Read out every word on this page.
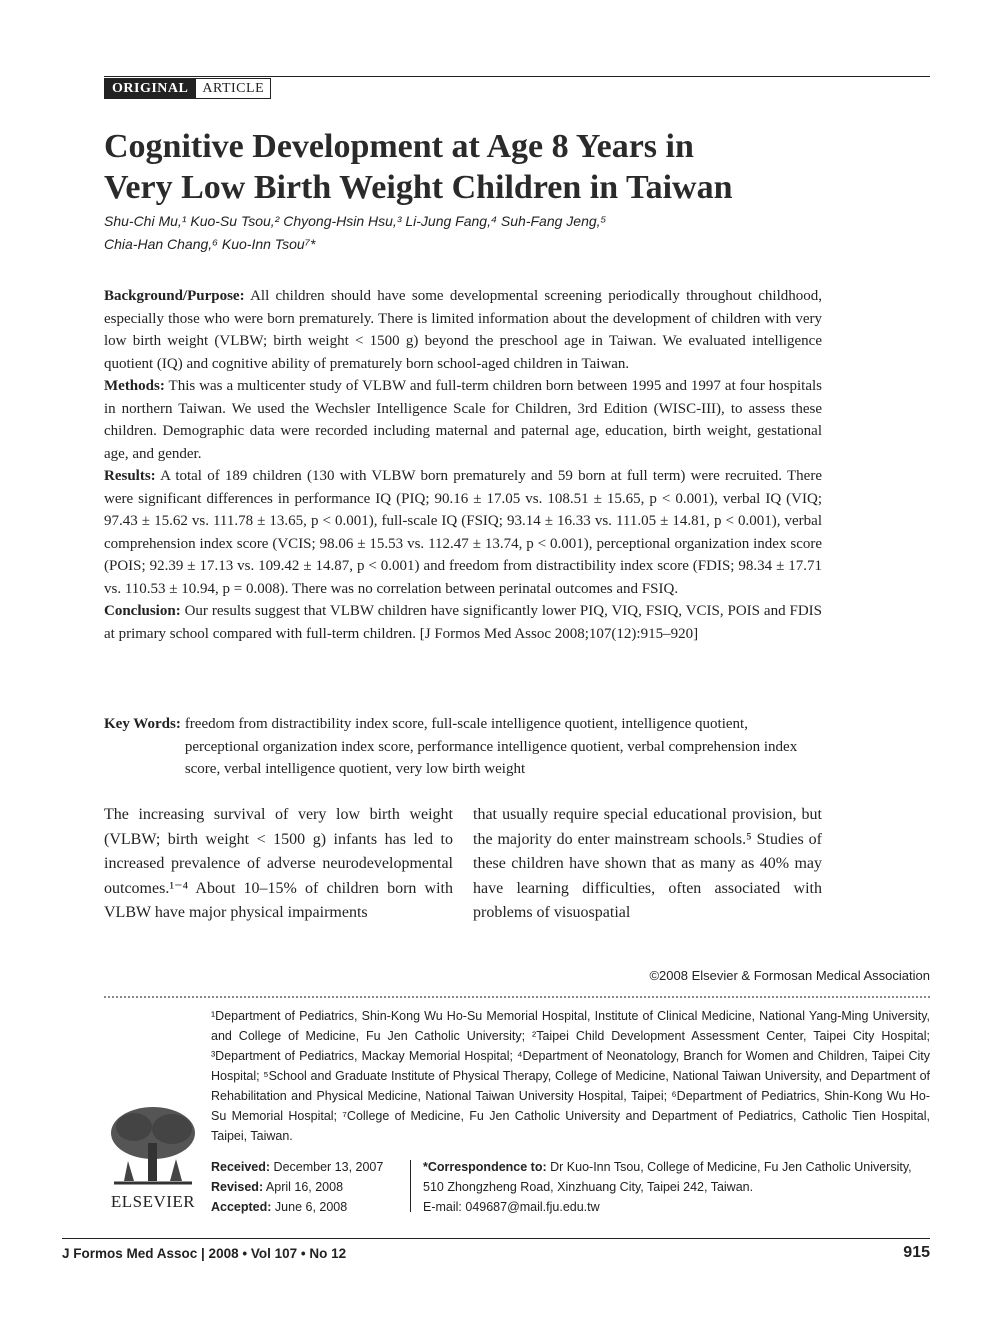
ORIGINAL	ARTICLE
Cognitive Development at Age 8 Years in
Very Low Birth Weight Children in Taiwan
Shu-Chi Mu,¹ Kuo-Su Tsou,² Chyong-Hsin Hsu,³ Li-Jung Fang,⁴ Suh-Fang Jeng,⁵
Chia-Han Chang,⁶ Kuo-Inn Tsou⁷*

Background/Purpose: All children should have some developmental screening periodically throughout childhood, especially those who were born prematurely. There is limited information about the development of children with very low birth weight (VLBW; birth weight < 1500 g) beyond the preschool age in Taiwan. We evaluated intelligence quotient (IQ) and cognitive ability of prematurely born school-aged children in Taiwan.

Methods: This was a multicenter study of VLBW and full-term children born between 1995 and 1997 at four hospitals in northern Taiwan. We used the Wechsler Intelligence Scale for Children, 3rd Edition (WISC-III), to assess these children. Demographic data were recorded including maternal and paternal age, education, birth weight, gestational age, and gender.

Results: A total of 189 children (130 with VLBW born prematurely and 59 born at full term) were recruited. There were significant differences in performance IQ (PIQ; 90.16 ± 17.05 vs. 108.51 ± 15.65, p < 0.001), verbal IQ (VIQ; 97.43 ± 15.62 vs. 111.78 ± 13.65, p < 0.001), full-scale IQ (FSIQ; 93.14 ± 16.33 vs. 111.05 ± 14.81, p < 0.001), verbal comprehension index score (VCIS; 98.06 ± 15.53 vs. 112.47 ± 13.74, p < 0.001), perceptional organization index score (POIS; 92.39 ± 17.13 vs. 109.42 ± 14.87, p < 0.001) and freedom from distractibility index score (FDIS; 98.34 ± 17.71 vs. 110.53 ± 10.94, p = 0.008). There was no correlation between perinatal outcomes and FSIQ.

Conclusion: Our results suggest that VLBW children have significantly lower PIQ, VIQ, FSIQ, VCIS, POIS and FDIS at primary school compared with full-term children. [J Formos Med Assoc 2008;107(12):915–920]

Key Words: freedom from distractibility index score, full-scale intelligence quotient, intelligence quotient, perceptional organization index score, performance intelligence quotient, verbal comprehension index score, verbal intelligence quotient, very low birth weight
The increasing survival of very low birth weight (VLBW; birth weight < 1500 g) infants has led to increased prevalence of adverse neurodevelopmental outcomes.¹⁻⁴ About 10–15% of children born with VLBW have major physical impairments
that usually require special educational provision, but the majority do enter mainstream schools.⁵ Studies of these children have shown that as many as 40% may have learning difficulties, often associated with problems of visuospatial
©2008 Elsevier & Formosan Medical Association
¹Department of Pediatrics, Shin-Kong Wu Ho-Su Memorial Hospital, Institute of Clinical Medicine, National Yang-Ming University, and College of Medicine, Fu Jen Catholic University; ²Taipei Child Development Assessment Center, Taipei City Hospital; ³Department of Pediatrics, Mackay Memorial Hospital; ⁴Department of Neonatology, Branch for Women and Children, Taipei City Hospital; ⁵School and Graduate Institute of Physical Therapy, College of Medicine, National Taiwan University, and Department of Rehabilitation and Physical Medicine, National Taiwan University Hospital, Taipei; ⁶Department of Pediatrics, Shin-Kong Wu Ho-Su Memorial Hospital; ⁷College of Medicine, Fu Jen Catholic University and Department of Pediatrics, Catholic Tien Hospital, Taipei, Taiwan.
ELSEVIER
Received: December 13, 2007
Revised: April 16, 2008
Accepted: June 6, 2008
*Correspondence to: Dr Kuo-Inn Tsou, College of Medicine, Fu Jen Catholic University,
510 Zhongzheng Road, Xinzhuang City, Taipei 242, Taiwan.
E-mail: 049687@mail.fju.edu.tw
J Formos Med Assoc | 2008 • Vol 107 • No 12	915
